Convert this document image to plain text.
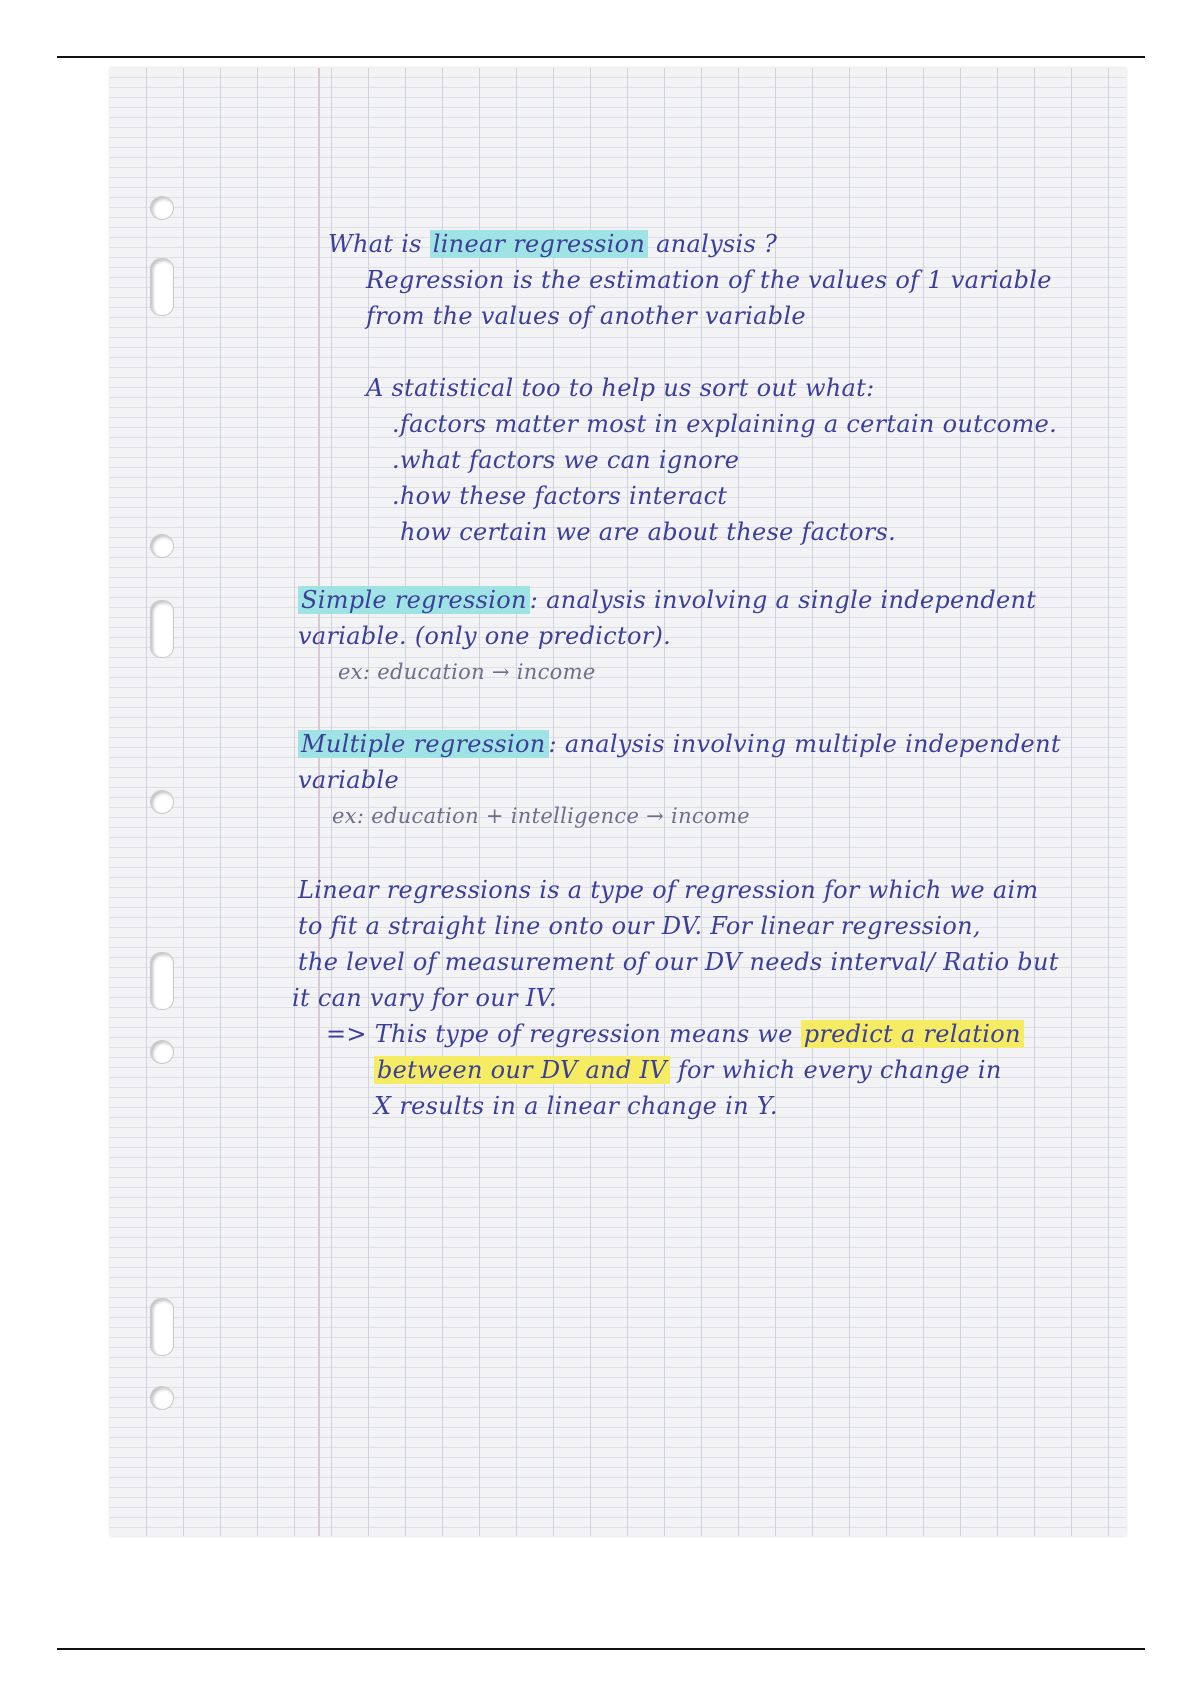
What is linear regression analysis ?
Regression is the estimation of the values of 1 variable
from the values of another variable
A statistical too to help us sort out what:
.factors matter most in explaining a certain outcome.
.what factors we can ignore
.how these factors interact
how certain we are about these factors.
Simple regression : analysis involving a single independent
variable. (only one predictor).
ex: education → income
Multiple regression : analysis involving multiple independent
variable
ex: education + intelligence → income
Linear regressions is a type of regression for which we aim
to fit a straight line onto our DV. For linear regression,
the level of measurement of our DV needs interval/ Ratio but
it can vary for our IV.
=> This type of regression means we predict a relation
between our DV and IV for which every change in
X results in a linear change in Y.
